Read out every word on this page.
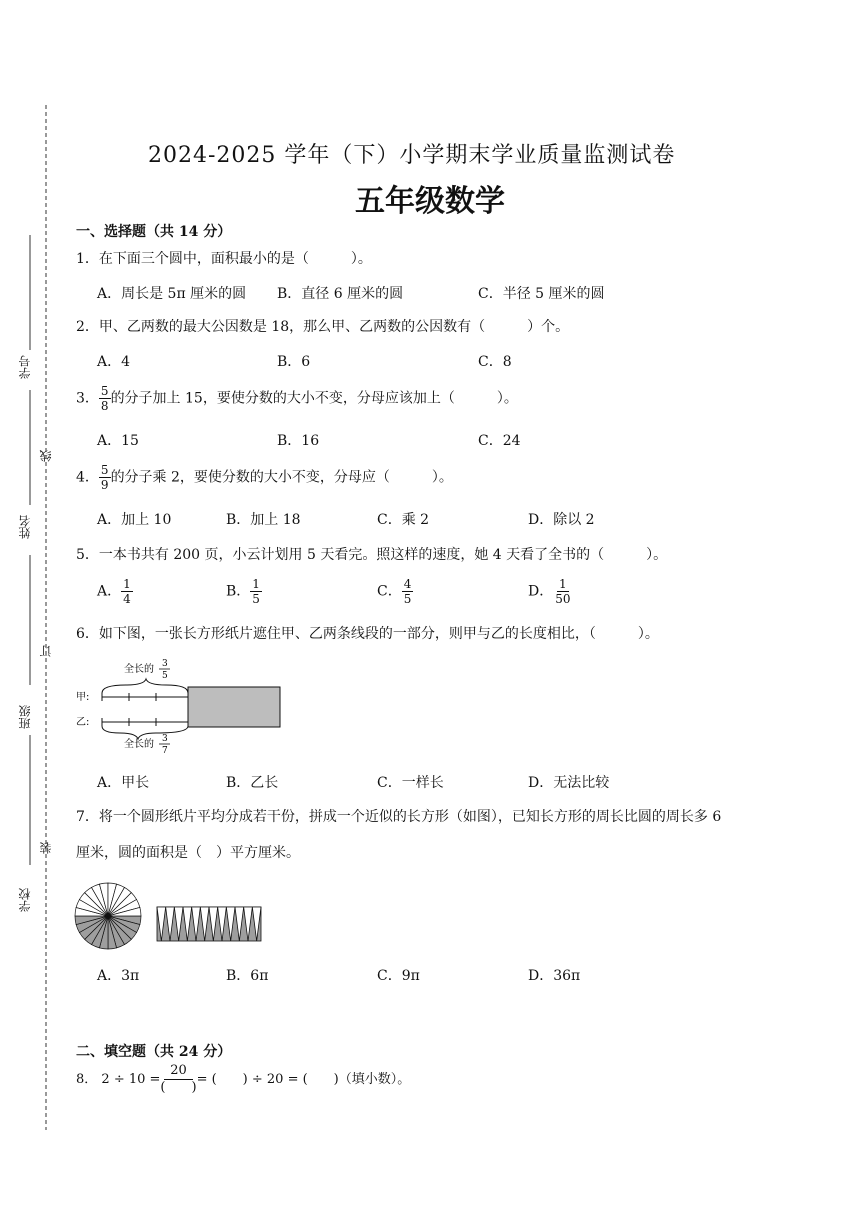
学号
线
姓名
订
班级
装
学校
2024-2025 学年（下）小学期末学业质量监测试卷
五年级数学
一、选择题（共 14 分）
1．在下面三个圆中，面积最小的是（　　　）。
A．周长是 5π 厘米的圆 B．直径 6 厘米的圆	C．半径 5 厘米的圆
2．甲、乙两数的最大公因数是 18，那么甲、乙两数的公因数有（　　　）个。
A．4	B．6	C．8
3． $\frac{5}{8}$ 的分子加上 15，要使分数的大小不变，分母应该加上（　　　）。
A．15	B．16	C．24
4． $\frac{5}{9}$ 的分子乘 2，要使分数的大小不变，分母应（　　　）。
A．加上 10	B．加上 18	C．乘 2	D．除以 2
5．一本书共有 200 页，小云计划用 5 天看完。照这样的速度，她 4 天看了全书的（　　　）。
A． $\frac{1}{4}$	B． $\frac{1}{5}$	C． $\frac{4}{5}$	D． $\frac{1}{50}$
6．如下图，一张长方形纸片遮住甲、乙两条线段的一部分，则甲与乙的长度相比，（　　　）。
甲:
乙:
全长的 3
5
全长的 3
7
A．甲长	B．乙长	C．一样长	D．无法比较
7．将一个圆形纸片平均分成若干份，拼成一个近似的长方形（如图），已知长方形的周长比圆的周长多 6
厘米，圆的面积是（　）平方厘米。
A．3π	B．6π	C．9π	D．36π
二、填空题（共 24 分）
8． $2 \div 10 = \frac{20}{( )}$ = (　　) ÷ 20 = (　　)（填小数）。
